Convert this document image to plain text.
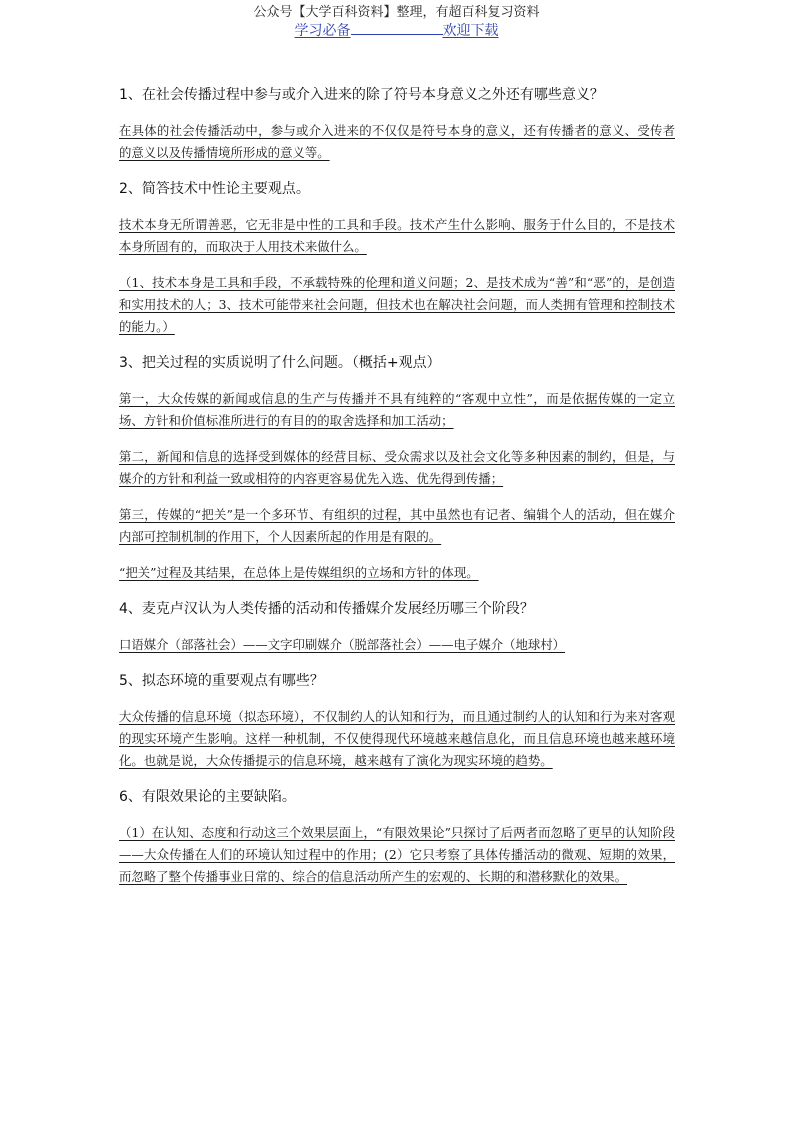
公众号【大学百科资料】整理，有超百科复习资料
学习必备	欢迎下载
1、在社会传播过程中参与或介入进来的除了符号本身意义之外还有哪些意义？
在具体的社会传播活动中，参与或介入进来的不仅仅是符号本身的意义，还有传播者的意义、受传者的意义以及传播情境所形成的意义等。
2、简答技术中性论主要观点。
技术本身无所谓善恶，它无非是中性的工具和手段。技术产生什么影响、服务于什么目的，不是技术本身所固有的，而取决于人用技术来做什么。
（1、技术本身是工具和手段，不承载特殊的伦理和道义问题；2、是技术成为“善”和“恶”的，是创造和实用技术的人；3、技术可能带来社会问题，但技术也在解决社会问题，而人类拥有管理和控制技术的能力。）
3、把关过程的实质说明了什么问题。（概括+观点）
第一，大众传媒的新闻或信息的生产与传播并不具有纯粹的“客观中立性”，而是依据传媒的一定立场、方针和价值标准所进行的有目的的取舍选择和加工活动；
第二，新闻和信息的选择受到媒体的经营目标、受众需求以及社会文化等多种因素的制约，但是，与媒介的方针和利益一致或相符的内容更容易优先入选、优先得到传播；
第三，传媒的“把关”是一个多环节、有组织的过程，其中虽然也有记者、编辑个人的活动，但在媒介内部可控制机制的作用下，个人因素所起的作用是有限的。
“把关”过程及其结果，在总体上是传媒组织的立场和方针的体现。
4、麦克卢汉认为人类传播的活动和传播媒介发展经历哪三个阶段？
口语媒介（部落社会）——文字印刷媒介（脱部落社会）——电子媒介（地球村）
5、拟态环境的重要观点有哪些？
大众传播的信息环境（拟态环境），不仅制约人的认知和行为，而且通过制约人的认知和行为来对客观的现实环境产生影响。这样一种机制，不仅使得现代环境越来越信息化，而且信息环境也越来越环境化。也就是说，大众传播提示的信息环境，越来越有了演化为现实环境的趋势。
6、有限效果论的主要缺陷。
（1）在认知、态度和行动这三个效果层面上，“有限效果论”只探讨了后两者而忽略了更早的认知阶段——大众传播在人们的环境认知过程中的作用；(2）它只考察了具体传播活动的微观、短期的效果，而忽略了整个传播事业日常的、综合的信息活动所产生的宏观的、长期的和潜移默化的效果。
